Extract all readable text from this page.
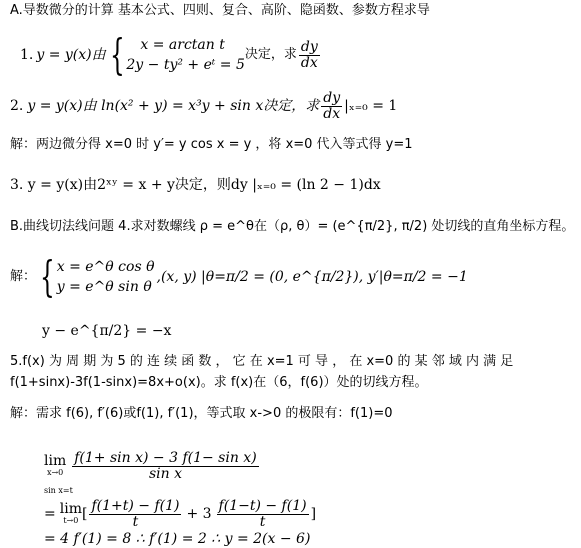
A.导数微分的计算 基本公式、四则、复合、高阶、隐函数、参数方程求导
1. y = y(x)由 {	x = arctan t
2y − ty² + eᵗ = 5
决定，求 $\frac{dy}{dx}$
2. y = y(x)由 ln(x² + y) = x³y + sin x决定，求 $\frac{dy}{dx} |_{x=0} = 1$
解：两边微分得 x=0 时 y′= y cos x = y ，将 x=0 代入等式得 y=1
3. y = y(x)由2ˣʸ = x + y决定，则dy |ₓ₌₀ = (ln 2 − 1)dx
B.曲线切法线问题 4.求对数螺线 ρ = e^θ在（ρ, θ）= (e^{π/2}, π/2) 处切线的直角坐标方程。
解： { x = e^θ cos θ
y = e^θ sin θ
,(x, y) |θ=π/2 = (0, e^{π/2}), y′|θ=π/2 = −1
y − e^{π/2} = −x
5.f(x) 为 周 期 为 5 的 连 续 函 数 ， 它 在 x=1 可 导 ， 在 x=0 的 某 邻 域 内 满 足
f(1+sinx)-3f(1-sinx)=8x+o(x)。求 f(x)在（6，f(6)）处的切线方程。
解：需求 f(6), f′(6)或f(1), f′(1)，等式取 x->0 的极限有：f(1)=0
lim
$x\to 0 \frac{\text{f(1+ sin x) − 3 f(1− sin x)}}{\text{sin x}}$
sin x=t
= lim
t→0 [ $\frac{f(1+t) - f(1)}{t} + 3 \frac{f(1-t) - f(1)}{t}$ ]
= 4 f′(1) = 8 ∴ f′(1) = 2 ∴ y = 2(x − 6)
